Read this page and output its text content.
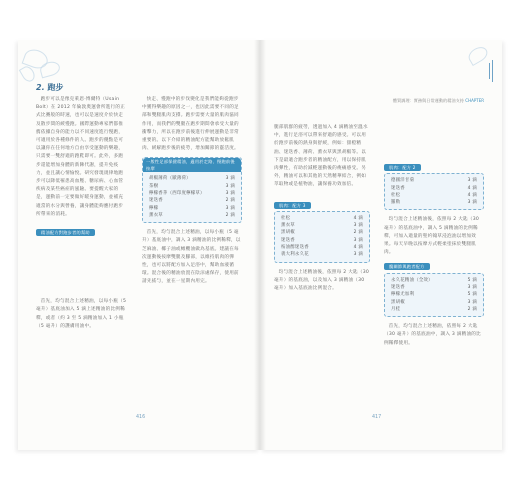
2. 跑步

跑步可以是像克萊恩‧博爾特（Usain Bolt）在 2012 年倫敦奧運會所進行的正式比賽般的時速，也可以是速度介於快走及散步間的緩慢跑。國際運動專家們都推薦依據自身的能力以不同速度進行慢跑，可適用於各種條件的人。跑步的優點是可以讓你在任何地方自由享受運動的樂趣，只需要一雙舒適的跑鞋即可。此外，多跑步還能增加身體的新陳代謝，提升免疫力，並且讓心情愉悅。研究發現規律地跑步可以降低罹患高血壓、糖尿病、心血管疾病及某些癌症的風險。要提醒大家的是，運動前一定要做好暖身運動，並補充適當的水分與營養，讓身體能夠應付跑步所帶來的消耗。

精油配方對跑步者的幫助

首先，均勻混合上述精油，以每小瓶（5 毫升）基底油加入 5 滴上述精油的比例稀釋，或者（約 3 至 5 滴精油加入 1 小瓶（5 毫升）的護膚用油中。

快走、慢跑中的步伐變化是我們能夠從跑步中獲得樂趣的原因之一，也因此需要不同的足部和雙腿肌肉支撐。跑步需要大量的肌肉協同作用，而我們的雙腿在跑步期間會承受大量的衝擊力，所以在跑步前後進行伸展運動是非常重要的。以下介紹的精油配方能幫助放鬆肌肉、緩解跑步後的疲勞，增加關節的靈活度。

一般性足部保健精油，適用於走路、慢跑前後按摩
胡椒薄荷（歐薄荷）	3 滴
茶樹	3 滴
檸檬香茅（西印度檸檬草）	3 滴
迷迭香	2 滴
檸檬	3 滴
薰衣草	2 滴

首先，均勻混合上述精油，以每小瓶（5 毫升）基底油中，調入 3 滴精油的比例稀釋，以芝麻油、椰子油或橄欖油做為基底。建議在每次運動後按摩雙腿及腳部，以維持肌肉的彈性，也可以將配方加入足浴中，幫助血液循環。混合後的精油放置在陰涼處保存，使用前請先搖勻，並在一星期內用完。

416
體質調理：實務與日常運動的精油支持 CHAPTER

腿部肌群的疲勞，透過加入 4 滴精油至溫水中，進行足浴可以帶來舒適的感受。可以用於跑步前後的熱身與舒緩，例如：甜橙精油、迷迭香、薄荷、薰衣草與黑胡椒等。以下是最適合跑步者的精油配方，用以保持肌肉彈性，有助於減輕運動後的痠痛感受。另外，精油可以和其他的天然精華結合，例如萃取物或是植物油，讓保養功效加倍。

肌肉：配方 3
杜松	4 滴
薰衣草	3 滴
黑胡椒	2 滴
迷迭香	3 滴
桉油醇迷迭香	4 滴
義大利永久花	3 滴

均勻混合上述精油後，依照每 2 大匙（30 毫升）的基底油，以及加入 3 滴精油（30 毫升）加入基底油比例混合。

肌肉：配方 2
德國洋甘菊	3 滴
迷迭香	4 滴
杜松	4 滴
羅勒	3 滴

均勻混合上述精油後，依照每 2 大匙（30 毫升）的基底油中，調入 5 滴精油的比例稀釋，可加入適量的聖約翰草浸泡油以增加效果。每天早晚以按摩方式輕柔塗抹於雙腿肌肉。

髖關節與跑者配方
永久花精油（全效）	5 滴
迷迭香	3 滴
檸檬尤加利	5 滴
黑胡椒	3 滴
月桂	2 滴

首先，均勻混合上述精油，依照每 2 大匙（30 毫升）的基底油中，調入 3 滴精油的比例稀釋使用。

417
